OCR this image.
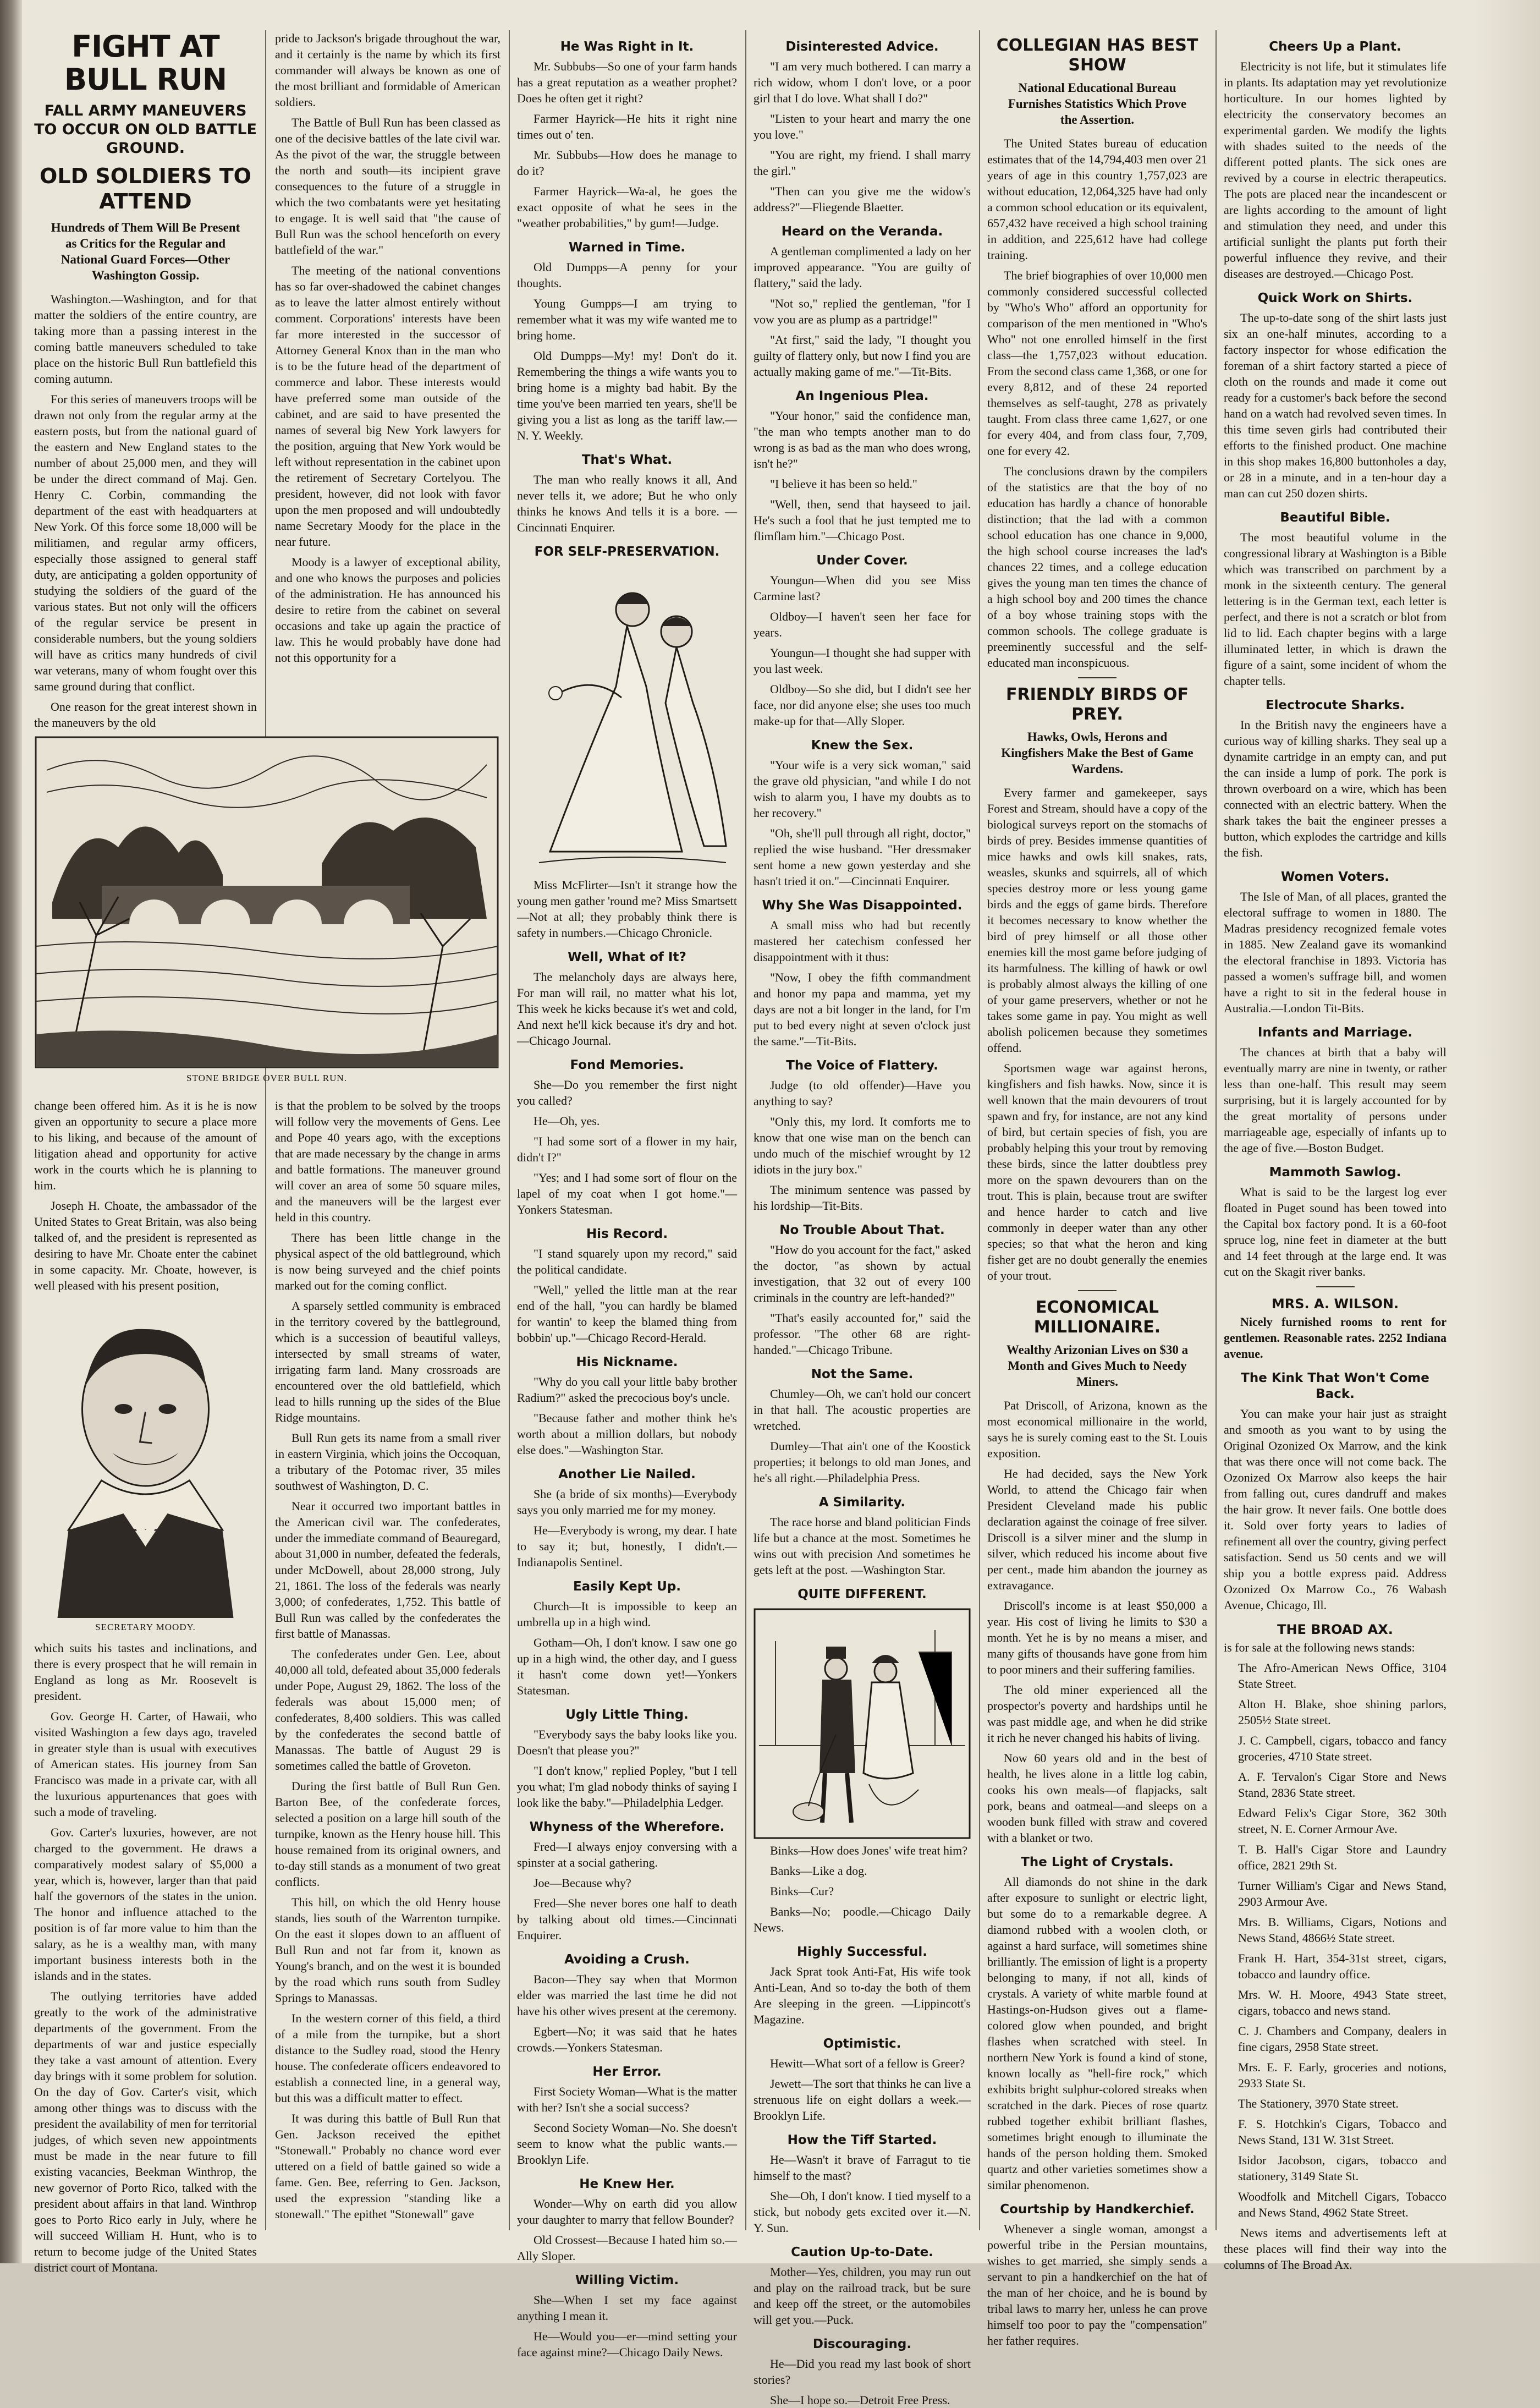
FIGHT AT BULL RUN
FALL ARMY MANEUVERS TO OCCUR ON OLD BATTLE GROUND.
OLD SOLDIERS TO ATTEND
Hundreds of Them Will Be Present as Critics for the Regular and National Guard Forces—Other Washington Gossip.

Washington.—Washington, and for that matter the soldiers of the entire country, are taking more than a passing interest in the coming battle maneuvers scheduled to take place on the historic Bull Run battlefield this coming autumn.

For this series of maneuvers troops will be drawn not only from the regular army at the eastern posts, but from the national guard of the eastern and New England states to the number of about 25,000 men, and they will be under the direct command of Maj. Gen. Henry C. Corbin, commanding the department of the east with headquarters at New York. Of this force some 18,000 will be militiamen, and regular army officers, especially those assigned to general staff duty, are anticipating a golden opportunity of studying the soldiers of the guard of the various states. But not only will the officers of the regular service be present in considerable numbers, but the young soldiers will have as critics many hundreds of civil war veterans, many of whom fought over this same ground during that conflict.

One reason for the great interest shown in the maneuvers by the old

STONE BRIDGE OVER BULL RUN.

change been offered him. As it is he is now given an opportunity to secure a place more to his liking, and because of the amount of litigation ahead and opportunity for active work in the courts which he is planning to him.

Joseph H. Choate, the ambassador of the United States to Great Britain, was also being talked of, and the president is represented as desiring to have Mr. Choate enter the cabinet in some capacity. Mr. Choate, however, is well pleased with his present position,

SECRETARY MOODY.

which suits his tastes and inclinations, and there is every prospect that he will remain in England as long as Mr. Roosevelt is president.

Gov. George H. Carter, of Hawaii, who visited Washington a few days ago, traveled in greater style than is usual with executives of American states. His journey from San Francisco was made in a private car, with all the luxurious appurtenances that goes with such a mode of traveling.

Gov. Carter's luxuries, however, are not charged to the government. He draws a comparatively modest salary of $5,000 a year, which is, however, larger than that paid half the governors of the states in the union. The honor and influence attached to the position is of far more value to him than the salary, as he is a wealthy man, with many important business interests both in the islands and in the states.

The outlying territories have added greatly to the work of the administrative departments of the government. From the departments of war and justice especially they take a vast amount of attention. Every day brings with it some problem for solution. On the day of Gov. Carter's visit, which among other things was to discuss with the president the availability of men for territorial judges, of which seven new appointments must be made in the near future to fill existing vacancies, Beekman Winthrop, the new governor of Porto Rico, talked with the president about affairs in that land. Winthrop goes to Porto Rico early in July, where he will succeed William H. Hunt, who is to return to become judge of the United States district court of Montana.

pride to Jackson's brigade throughout the war, and it certainly is the name by which its first commander will always be known as one of the most brilliant and formidable of American soldiers.

The Battle of Bull Run has been classed as one of the decisive battles of the late civil war. As the pivot of the war, the struggle between the north and south—its incipient grave consequences to the future of a struggle in which the two combatants were yet hesitating to engage. It is well said that "the cause of Bull Run was the school henceforth on every battlefield of the war."

The meeting of the national conventions has so far over-shadowed the cabinet changes as to leave the latter almost entirely without comment. Corporations' interests have been far more interested in the successor of Attorney General Knox than in the man who is to be the future head of the department of commerce and labor. These interests would have preferred some man outside of the cabinet, and are said to have presented the names of several big New York lawyers for the position, arguing that New York would be left without representation in the cabinet upon the retirement of Secretary Cortelyou. The president, however, did not look with favor upon the men proposed and will undoubtedly name Secretary Moody for the place in the near future.

Moody is a lawyer of exceptional ability, and one who knows the purposes and policies of the administration. He has announced his desire to retire from the cabinet on several occasions and take up again the practice of law. This he would probably have done had not this opportunity for a

is that the problem to be solved by the troops will follow very the movements of Gens. Lee and Pope 40 years ago, with the exceptions that are made necessary by the change in arms and battle formations. The maneuver ground will cover an area of some 50 square miles, and the maneuvers will be the largest ever held in this country.

There has been little change in the physical aspect of the old battleground, which is now being surveyed and the chief points marked out for the coming conflict.

A sparsely settled community is embraced in the territory covered by the battleground, which is a succession of beautiful valleys, intersected by small streams of water, irrigating farm land. Many crossroads are encountered over the old battlefield, which lead to hills running up the sides of the Blue Ridge mountains.

Bull Run gets its name from a small river in eastern Virginia, which joins the Occoquan, a tributary of the Potomac river, 35 miles southwest of Washington, D. C.

Near it occurred two important battles in the American civil war. The confederates, under the immediate command of Beauregard, about 31,000 in number, defeated the federals, under McDowell, about 28,000 strong, July 21, 1861. The loss of the federals was nearly 3,000; of confederates, 1,752. This battle of Bull Run was called by the confederates the first battle of Manassas.

The confederates under Gen. Lee, about 40,000 all told, defeated about 35,000 federals under Pope, August 29, 1862. The loss of the federals was about 15,000 men; of confederates, 8,400 soldiers. This was called by the confederates the second battle of Manassas. The battle of August 29 is sometimes called the battle of Groveton.

During the first battle of Bull Run Gen. Barton Bee, of the confederate forces, selected a position on a large hill south of the turnpike, known as the Henry house hill. This house remained from its original owners, and to-day still stands as a monument of two great conflicts.

This hill, on which the old Henry house stands, lies south of the Warrenton turnpike. On the east it slopes down to an affluent of Bull Run and not far from it, known as Young's branch, and on the west it is bounded by the road which runs south from Sudley Springs to Manassas.

In the western corner of this field, a third of a mile from the turnpike, but a short distance to the Sudley road, stood the Henry house. The confederate officers endeavored to establish a connected line, in a general way, but this was a difficult matter to effect.

It was during this battle of Bull Run that Gen. Jackson received the epithet "Stonewall." Probably no chance word ever uttered on a field of battle gained so wide a fame. Gen. Bee, referring to Gen. Jackson, used the expression "standing like a stonewall." The epithet "Stonewall" gave

He Was Right in It.

Mr. Subbubs—So one of your farm hands has a great reputation as a weather prophet? Does he often get it right?

Farmer Hayrick—He hits it right nine times out o' ten.

Mr. Subbubs—How does he manage to do it?

Farmer Hayrick—Wa-al, he goes the exact opposite of what he sees in the "weather probabilities," by gum!—Judge.

Warned in Time.

Old Dumpps—A penny for your thoughts.

Young Gumpps—I am trying to remember what it was my wife wanted me to bring home.

Old Dumpps—My! my! Don't do it. Remembering the things a wife wants you to bring home is a mighty bad habit. By the time you've been married ten years, she'll be giving you a list as long as the tariff law.—N. Y. Weekly.

That's What.

The man who really knows it all, And never tells it, we adore; But he who only thinks he knows And tells it is a bore. —Cincinnati Enquirer.

FOR SELF-PRESERVATION.

Miss McFlirter—Isn't it strange how the young men gather 'round me? Miss Smartsett—Not at all; they probably think there is safety in numbers.—Chicago Chronicle.

Well, What of It?

The melancholy days are always here, For man will rail, no matter what his lot, This week he kicks because it's wet and cold, And next he'll kick because it's dry and hot. —Chicago Journal.

Fond Memories.

She—Do you remember the first night you called?

He—Oh, yes.

"I had some sort of a flower in my hair, didn't I?"

"Yes; and I had some sort of flour on the lapel of my coat when I got home."—Yonkers Statesman.

His Record.

"I stand squarely upon my record," said the political candidate.

"Well," yelled the little man at the rear end of the hall, "you can hardly be blamed for wantin' to keep the blamed thing from bobbin' up."—Chicago Record-Herald.

His Nickname.

"Why do you call your little baby brother Radium?" asked the precocious boy's uncle.

"Because father and mother think he's worth about a million dollars, but nobody else does."—Washington Star.

Another Lie Nailed.

She (a bride of six months)—Everybody says you only married me for my money.

He—Everybody is wrong, my dear. I hate to say it; but, honestly, I didn't.—Indianapolis Sentinel.

Easily Kept Up.

Church—It is impossible to keep an umbrella up in a high wind.

Gotham—Oh, I don't know. I saw one go up in a high wind, the other day, and I guess it hasn't come down yet!—Yonkers Statesman.

Ugly Little Thing.

"Everybody says the baby looks like you. Doesn't that please you?"

"I don't know," replied Popley, "but I tell you what; I'm glad nobody thinks of saying I look like the baby."—Philadelphia Ledger.

Whyness of the Wherefore.

Fred—I always enjoy conversing with a spinster at a social gathering.

Joe—Because why?

Fred—She never bores one half to death by talking about old times.—Cincinnati Enquirer.

Avoiding a Crush.

Bacon—They say when that Mormon elder was married the last time he did not have his other wives present at the ceremony.

Egbert—No; it was said that he hates crowds.—Yonkers Statesman.

Her Error.

First Society Woman—What is the matter with her? Isn't she a social success?

Second Society Woman—No. She doesn't seem to know what the public wants.—Brooklyn Life.

He Knew Her.

Wonder—Why on earth did you allow your daughter to marry that fellow Bounder?

Old Crossest—Because I hated him so.—Ally Sloper.

Willing Victim.

She—When I set my face against anything I mean it.

He—Would you—er—mind setting your face against mine?—Chicago Daily News.

Disinterested Advice.

"I am very much bothered. I can marry a rich widow, whom I don't love, or a poor girl that I do love. What shall I do?"

"Listen to your heart and marry the one you love."

"You are right, my friend. I shall marry the girl."

"Then can you give me the widow's address?"—Fliegende Blaetter.

Heard on the Veranda.

A gentleman complimented a lady on her improved appearance. "You are guilty of flattery," said the lady.

"Not so," replied the gentleman, "for I vow you are as plump as a partridge!"

"At first," said the lady, "I thought you guilty of flattery only, but now I find you are actually making game of me."—Tit-Bits.

An Ingenious Plea.

"Your honor," said the confidence man, "the man who tempts another man to do wrong is as bad as the man who does wrong, isn't he?"

"I believe it has been so held."

"Well, then, send that hayseed to jail. He's such a fool that he just tempted me to flimflam him."—Chicago Post.

Under Cover.

Youngun—When did you see Miss Carmine last?

Oldboy—I haven't seen her face for years.

Youngun—I thought she had supper with you last week.

Oldboy—So she did, but I didn't see her face, nor did anyone else; she uses too much make-up for that—Ally Sloper.

Knew the Sex.

"Your wife is a very sick woman," said the grave old physician, "and while I do not wish to alarm you, I have my doubts as to her recovery."

"Oh, she'll pull through all right, doctor," replied the wise husband. "Her dressmaker sent home a new gown yesterday and she hasn't tried it on."—Cincinnati Enquirer.

Why She Was Disappointed.

A small miss who had but recently mastered her catechism confessed her disappointment with it thus:

"Now, I obey the fifth commandment and honor my papa and mamma, yet my days are not a bit longer in the land, for I'm put to bed every night at seven o'clock just the same."—Tit-Bits.

The Voice of Flattery.

Judge (to old offender)—Have you anything to say?

"Only this, my lord. It comforts me to know that one wise man on the bench can undo much of the mischief wrought by 12 idiots in the jury box."

The minimum sentence was passed by his lordship—Tit-Bits.

No Trouble About That.

"How do you account for the fact," asked the doctor, "as shown by actual investigation, that 32 out of every 100 criminals in the country are left-handed?"

"That's easily accounted for," said the professor. "The other 68 are right-handed."—Chicago Tribune.

Not the Same.

Chumley—Oh, we can't hold our concert in that hall. The acoustic properties are wretched.

Dumley—That ain't one of the Koostick properties; it belongs to old man Jones, and he's all right.—Philadelphia Press.

A Similarity.

The race horse and bland politician Finds life but a chance at the most. Sometimes he wins out with precision And sometimes he gets left at the post. —Washington Star.

QUITE DIFFERENT.

Binks—How does Jones' wife treat him?

Banks—Like a dog.

Binks—Cur?

Banks—No; poodle.—Chicago Daily News.

Highly Successful.

Jack Sprat took Anti-Fat, His wife took Anti-Lean, And so to-day the both of them Are sleeping in the green. —Lippincott's Magazine.

Optimistic.

Hewitt—What sort of a fellow is Greer?

Jewett—The sort that thinks he can live a strenuous life on eight dollars a week.—Brooklyn Life.

How the Tiff Started.

He—Wasn't it brave of Farragut to tie himself to the mast?

She—Oh, I don't know. I tied myself to a stick, but nobody gets excited over it.—N. Y. Sun.

Caution Up-to-Date.

Mother—Yes, children, you may run out and play on the railroad track, but be sure and keep off the street, or the automobiles will get you.—Puck.

Discouraging.

He—Did you read my last book of short stories?

She—I hope so.—Detroit Free Press.

COLLEGIAN HAS BEST SHOW
National Educational Bureau Furnishes Statistics Which Prove the Assertion.

The United States bureau of education estimates that of the 14,794,403 men over 21 years of age in this country 1,757,023 are without education, 12,064,325 have had only a common school education or its equivalent, 657,432 have received a high school training in addition, and 225,612 have had college training.

The brief biographies of over 10,000 men commonly considered successful collected by "Who's Who" afford an opportunity for comparison of the men mentioned in "Who's Who" not one enrolled himself in the first class—the 1,757,023 without education. From the second class came 1,368, or one for every 8,812, and of these 24 reported themselves as self-taught, 278 as privately taught. From class three came 1,627, or one for every 404, and from class four, 7,709, one for every 42.

The conclusions drawn by the compilers of the statistics are that the boy of no education has hardly a chance of honorable distinction; that the lad with a common school education has one chance in 9,000, the high school course increases the lad's chances 22 times, and a college education gives the young man ten times the chance of a high school boy and 200 times the chance of a boy whose training stops with the common schools. The college graduate is preeminently successful and the self-educated man inconspicuous.

FRIENDLY BIRDS OF PREY.
Hawks, Owls, Herons and Kingfishers Make the Best of Game Wardens.

Every farmer and gamekeeper, says Forest and Stream, should have a copy of the biological surveys report on the stomachs of birds of prey. Besides immense quantities of mice hawks and owls kill snakes, rats, weasles, skunks and squirrels, all of which species destroy more or less young game birds and the eggs of game birds. Therefore it becomes necessary to know whether the bird of prey himself or all those other enemies kill the most game before judging of its harmfulness. The killing of hawk or owl is probably almost always the killing of one of your game preservers, whether or not he takes some game in pay. You might as well abolish policemen because they sometimes offend.

Sportsmen wage war against herons, kingfishers and fish hawks. Now, since it is well known that the main devourers of trout spawn and fry, for instance, are not any kind of bird, but certain species of fish, you are probably helping this your trout by removing these birds, since the latter doubtless prey more on the spawn devourers than on the trout. This is plain, because trout are swifter and hence harder to catch and live commonly in deeper water than any other species; so that what the heron and king fisher get are no doubt generally the enemies of your trout.

ECONOMICAL MILLIONAIRE.
Wealthy Arizonian Lives on $30 a Month and Gives Much to Needy Miners.

Pat Driscoll, of Arizona, known as the most economical millionaire in the world, says he is surely coming east to the St. Louis exposition.

He had decided, says the New York World, to attend the Chicago fair when President Cleveland made his public declaration against the coinage of free silver. Driscoll is a silver miner and the slump in silver, which reduced his income about five per cent., made him abandon the journey as extravagance.

Driscoll's income is at least $50,000 a year. His cost of living he limits to $30 a month. Yet he is by no means a miser, and many gifts of thousands have gone from him to poor miners and their suffering families.

The old miner experienced all the prospector's poverty and hardships until he was past middle age, and when he did strike it rich he never changed his habits of living.

Now 60 years old and in the best of health, he lives alone in a little log cabin, cooks his own meals—of flapjacks, salt pork, beans and oatmeal—and sleeps on a wooden bunk filled with straw and covered with a blanket or two.

The Light of Crystals.

All diamonds do not shine in the dark after exposure to sunlight or electric light, but some do to a remarkable degree. A diamond rubbed with a woolen cloth, or against a hard surface, will sometimes shine brilliantly. The emission of light is a property belonging to many, if not all, kinds of crystals. A variety of white marble found at Hastings-on-Hudson gives out a flame-colored glow when pounded, and bright flashes when scratched with steel. In northern New York is found a kind of stone, known locally as "hell-fire rock," which exhibits bright sulphur-colored streaks when scratched in the dark. Pieces of rose quartz rubbed together exhibit brilliant flashes, sometimes bright enough to illuminate the hands of the person holding them. Smoked quartz and other varieties sometimes show a similar phenomenon.

Courtship by Handkerchief.

Whenever a single woman, amongst a powerful tribe in the Persian mountains, wishes to get married, she simply sends a servant to pin a handkerchief on the hat of the man of her choice, and he is bound by tribal laws to marry her, unless he can prove himself too poor to pay the "compensation" her father requires.

Cheers Up a Plant.

Electricity is not life, but it stimulates life in plants. Its adaptation may yet revolutionize horticulture. In our homes lighted by electricity the conservatory becomes an experimental garden. We modify the lights with shades suited to the needs of the different potted plants. The sick ones are revived by a course in electric therapeutics. The pots are placed near the incandescent or are lights according to the amount of light and stimulation they need, and under this artificial sunlight the plants put forth their powerful influence they revive, and their diseases are destroyed.—Chicago Post.

Quick Work on Shirts.

The up-to-date song of the shirt lasts just six an one-half minutes, according to a factory inspector for whose edification the foreman of a shirt factory started a piece of cloth on the rounds and made it come out ready for a customer's back before the second hand on a watch had revolved seven times. In this time seven girls had contributed their efforts to the finished product. One machine in this shop makes 16,800 buttonholes a day, or 28 in a minute, and in a ten-hour day a man can cut 250 dozen shirts.

Beautiful Bible.

The most beautiful volume in the congressional library at Washington is a Bible which was transcribed on parchment by a monk in the sixteenth century. The general lettering is in the German text, each letter is perfect, and there is not a scratch or blot from lid to lid. Each chapter begins with a large illuminated letter, in which is drawn the figure of a saint, some incident of whom the chapter tells.

Electrocute Sharks.

In the British navy the engineers have a curious way of killing sharks. They seal up a dynamite cartridge in an empty can, and put the can inside a lump of pork. The pork is thrown overboard on a wire, which has been connected with an electric battery. When the shark takes the bait the engineer presses a button, which explodes the cartridge and kills the fish.

Women Voters.

The Isle of Man, of all places, granted the electoral suffrage to women in 1880. The Madras presidency recognized female votes in 1885. New Zealand gave its womankind the electoral franchise in 1893. Victoria has passed a women's suffrage bill, and women have a right to sit in the federal house in Australia.—London Tit-Bits.

Infants and Marriage.

The chances at birth that a baby will eventually marry are nine in twenty, or rather less than one-half. This result may seem surprising, but it is largely accounted for by the great mortality of persons under marriageable age, especially of infants up to the age of five.—Boston Budget.

Mammoth Sawlog.

What is said to be the largest log ever floated in Puget sound has been towed into the Capital box factory pond. It is a 60-foot spruce log, nine feet in diameter at the butt and 14 feet through at the large end. It was cut on the Skagit river banks.

MRS. A. WILSON.

Nicely furnished rooms to rent for gentlemen. Reasonable rates. 2252 Indiana avenue.

The Kink That Won't Come Back.

You can make your hair just as straight and smooth as you want to by using the Original Ozonized Ox Marrow, and the kink that was there once will not come back. The Ozonized Ox Marrow also keeps the hair from falling out, cures dandruff and makes the hair grow. It never fails. One bottle does it. Sold over forty years to ladies of refinement all over the country, giving perfect satisfaction. Send us 50 cents and we will ship you a bottle express paid. Address Ozonized Ox Marrow Co., 76 Wabash Avenue, Chicago, Ill.

THE BROAD AX.

is for sale at the following news stands:

The Afro-American News Office, 3104 State Street.

Alton H. Blake, shoe shining parlors, 2505½ State street.

J. C. Campbell, cigars, tobacco and fancy groceries, 4710 State street.

A. F. Tervalon's Cigar Store and News Stand, 2836 State street.

Edward Felix's Cigar Store, 362 30th street, N. E. Corner Armour Ave.

T. B. Hall's Cigar Store and Laundry office, 2821 29th St.

Turner William's Cigar and News Stand, 2903 Armour Ave.

Mrs. B. Williams, Cigars, Notions and News Stand, 4866½ State street.

Frank H. Hart, 354-31st street, cigars, tobacco and laundry office.

Mrs. W. H. Moore, 4943 State street, cigars, tobacco and news stand.

C. J. Chambers and Company, dealers in fine cigars, 2958 State street.

Mrs. E. F. Early, groceries and notions, 2933 State St.

The Stationery, 3970 State street.

F. S. Hotchkin's Cigars, Tobacco and News Stand, 131 W. 31st Street.

Isidor Jacobson, cigars, tobacco and stationery, 3149 State St.

Woodfolk and Mitchell Cigars, Tobacco and News Stand, 4962 State Street.

News items and advertisements left at these places will find their way into the columns of The Broad Ax.
